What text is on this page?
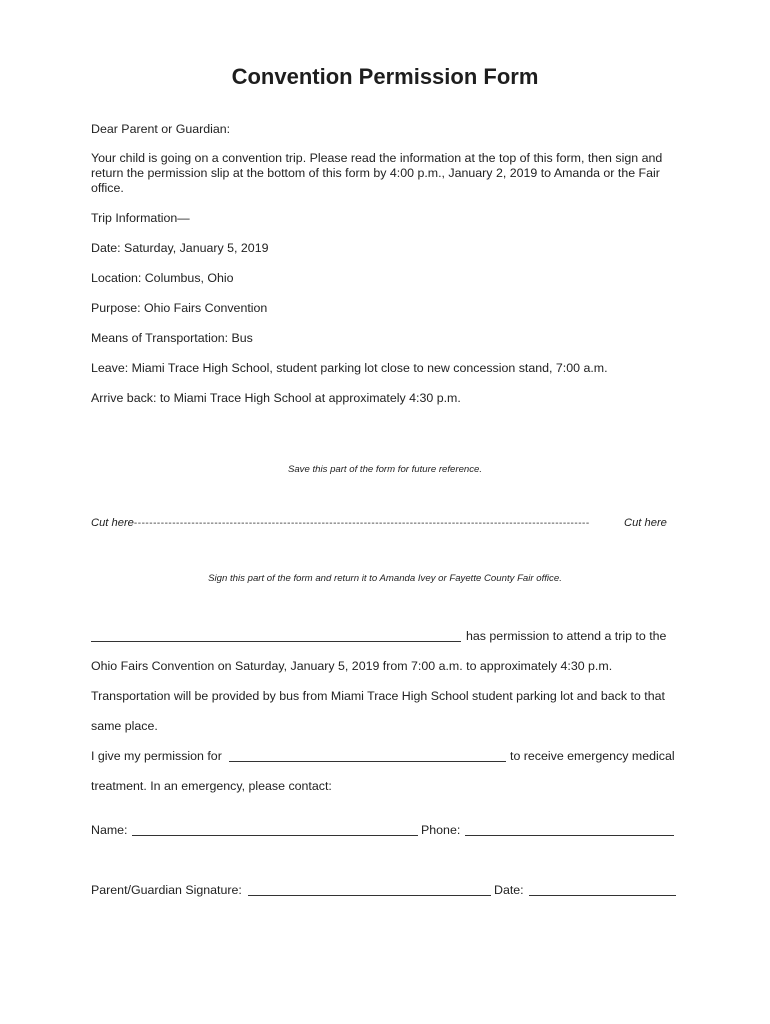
Convention Permission Form
Dear Parent or Guardian:
Your child is going on a convention trip. Please read the information at the top of this form, then sign and return the permission slip at the bottom of this form by 4:00 p.m., January 2, 2019 to Amanda or the Fair office.
Trip Information—
Date: Saturday, January 5, 2019
Location: Columbus, Ohio
Purpose: Ohio Fairs Convention
Means of Transportation: Bus
Leave: Miami Trace High School, student parking lot close to new concession stand, 7:00 a.m.
Arrive back: to Miami Trace High School at approximately 4:30 p.m.
Save this part of the form for future reference.
Cut here-----------------------------------------------------------------------------------------------------------------------	Cut here
Sign this part of the form and return it to Amanda Ivey or Fayette County Fair office.
has permission to attend a trip to the
Ohio Fairs Convention on Saturday, January 5, 2019 from 7:00 a.m. to approximately 4:30 p.m.
Transportation will be provided by bus from Miami Trace High School student parking lot and back to that
same place.
I give my permission for	to receive emergency medical
treatment. In an emergency, please contact:
Name:	Phone:
Parent/Guardian Signature:	Date:
